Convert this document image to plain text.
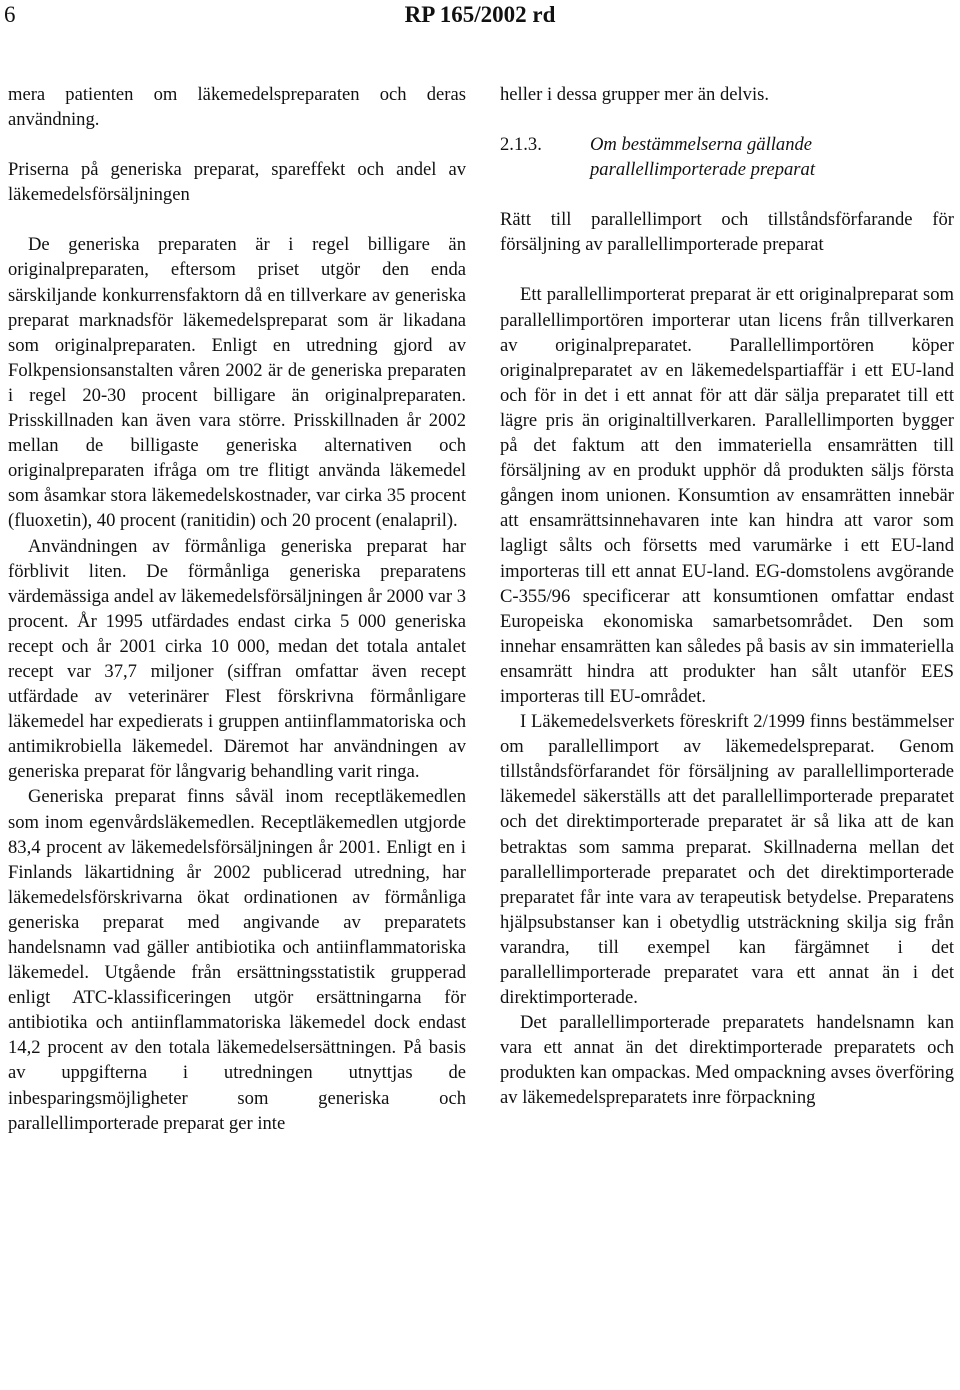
6	RP 165/2002 rd

mera patienten om läkemedelspreparaten och deras användning.

Priserna på generiska preparat, spareffekt och andel av läkemedelsförsäljningen

De generiska preparaten är i regel billigare än originalpreparaten, eftersom priset utgör den enda särskiljande konkurrensfaktorn då en tillverkare av generiska preparat marknadsför läkemedelspreparat som är likadana som originalpreparaten. Enligt en utredning gjord av Folkpensionsanstalten våren 2002 är de generiska preparaten i regel 20-30 procent billigare än originalpreparaten. Prisskillnaden kan även vara större. Prisskillnaden år 2002 mellan de billigaste generiska alternativen och originalpreparaten ifråga om tre flitigt använda läkemedel som åsamkar stora läkemedelskostnader, var cirka 35 procent (fluoxetin), 40 procent (ranitidin) och 20 procent (enalapril).

Användningen av förmånliga generiska preparat har förblivit liten. De förmånliga generiska preparatens värdemässiga andel av läkemedelsförsäljningen år 2000 var 3 procent. År 1995 utfärdades endast cirka 5 000 generiska recept och år 2001 cirka 10 000, medan det totala antalet recept var 37,7 miljoner (siffran omfattar även recept utfärdade av veterinärer Flest förskrivna förmånligare läkemedel har expedierats i gruppen antiinflammatoriska och antimikrobiella läkemedel. Däremot har användningen av generiska preparat för långvarig behandling varit ringa.

Generiska preparat finns såväl inom receptläkemedlen som inom egenvårdsläkemedlen. Receptläkemedlen utgjorde 83,4 procent av läkemedelsförsäljningen år 2001. Enligt en i Finlands läkartidning år 2002 publicerad utredning, har läkemedelsförskrivarna ökat ordinationen av förmånliga generiska preparat med angivande av preparatets handelsnamn vad gäller antibiotika och antiinflammatoriska läkemedel. Utgående från ersättningsstatistik grupperad enligt ATC-klassificeringen utgör ersättningarna för antibiotika och antiinflammatoriska läkemedel dock endast 14,2 procent av den totala läkemedelsersättningen. På basis av uppgifterna i utredningen utnyttjas de inbesparingsmöjligheter som generiska och parallellimporterade preparat ger inte

heller i dessa grupper mer än delvis.

2.1.3.	Om bestämmelserna gällande parallellimporterade preparat

Rätt till parallellimport och tillståndsförfarande för försäljning av parallellimporterade preparat

Ett parallellimporterat preparat är ett originalpreparat som parallellimportören importerar utan licens från tillverkaren av originalpreparatet. Parallellimportören köper originalpreparatet av en läkemedelspartiaffär i ett EU-land och för in det i ett annat för att där sälja preparatet till ett lägre pris än originaltillverkaren. Parallellimporten bygger på det faktum att den immateriella ensamrätten till försäljning av en produkt upphör då produkten säljs första gången inom unionen. Konsumtion av ensamrätten innebär att ensamrättsinnehavaren inte kan hindra att varor som lagligt sålts och försetts med varumärke i ett EU-land importeras till ett annat EU-land. EG-domstolens avgörande C-355/96 specificerar att konsumtionen omfattar endast Europeiska ekonomiska samarbetsområdet. Den som innehar ensamrätten kan således på basis av sin immateriella ensamrätt hindra att produkter han sålt utanför EES importeras till EU-området.

I Läkemedelsverkets föreskrift 2/1999 finns bestämmelser om parallellimport av läkemedelspreparat. Genom tillståndsförfarandet för försäljning av parallellimporterade läkemedel säkerställs att det parallellimporterade preparatet och det direktimporterade preparatet är så lika att de kan betraktas som samma preparat. Skillnaderna mellan det parallellimporterade preparatet och det direktimporterade preparatet får inte vara av terapeutisk betydelse. Preparatens hjälpsubstanser kan i obetydlig utsträckning skilja sig från varandra, till exempel kan färgämnet i det parallellimporterade preparatet vara ett annat än i det direktimporterade.

Det parallellimporterade preparatets handelsnamn kan vara ett annat än det direktimporterade preparatets och produkten kan ompackas. Med ompackning avses överföring av läkemedelspreparatets inre förpackning
